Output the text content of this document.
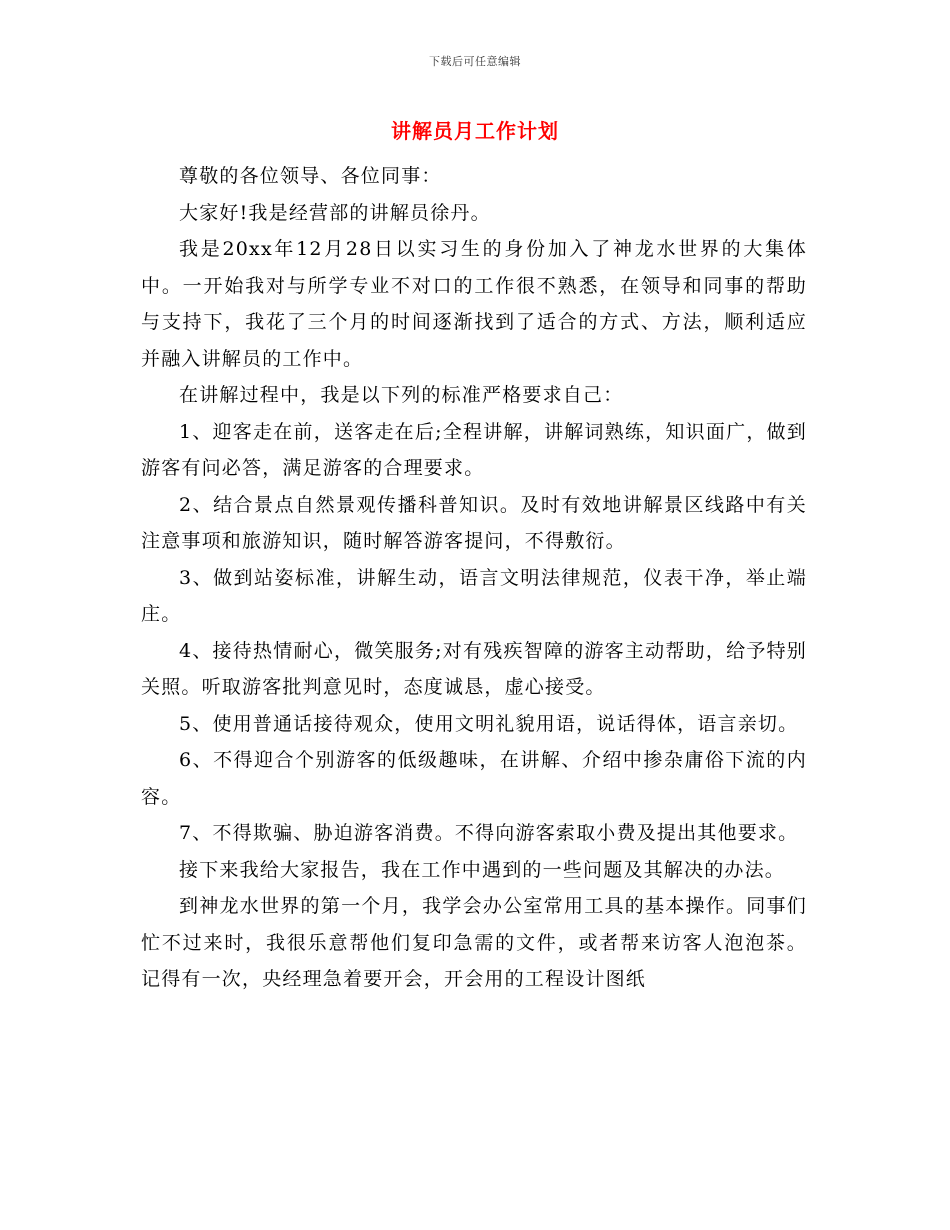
下载后可任意编辑
讲解员月工作计划

尊敬的各位领导、各位同事：

大家好!我是经营部的讲解员徐丹。

我是20xx年12月28日以实习生的身份加入了神龙水世界的大集体中。一开始我对与所学专业不对口的工作很不熟悉，在领导和同事的帮助与支持下，我花了三个月的时间逐渐找到了适合的方式、方法，顺利适应并融入讲解员的工作中。

在讲解过程中，我是以下列的标准严格要求自己：

1、迎客走在前，送客走在后;全程讲解，讲解词熟练，知识面广，做到游客有问必答，满足游客的合理要求。

2、结合景点自然景观传播科普知识。及时有效地讲解景区线路中有关注意事项和旅游知识，随时解答游客提问，不得敷衍。

3、做到站姿标准，讲解生动，语言文明法律规范，仪表干净，举止端庄。

4、接待热情耐心，微笑服务;对有残疾智障的游客主动帮助，给予特别关照。听取游客批判意见时，态度诚恳，虚心接受。

5、使用普通话接待观众，使用文明礼貌用语，说话得体，语言亲切。

6、不得迎合个别游客的低级趣味，在讲解、介绍中掺杂庸俗下流的内容。

7、不得欺骗、胁迫游客消费。不得向游客索取小费及提出其他要求。

接下来我给大家报告，我在工作中遇到的一些问题及其解决的办法。

到神龙水世界的第一个月，我学会办公室常用工具的基本操作。同事们忙不过来时，我很乐意帮他们复印急需的文件，或者帮来访客人泡泡茶。记得有一次，央经理急着要开会，开会用的工程设计图纸
